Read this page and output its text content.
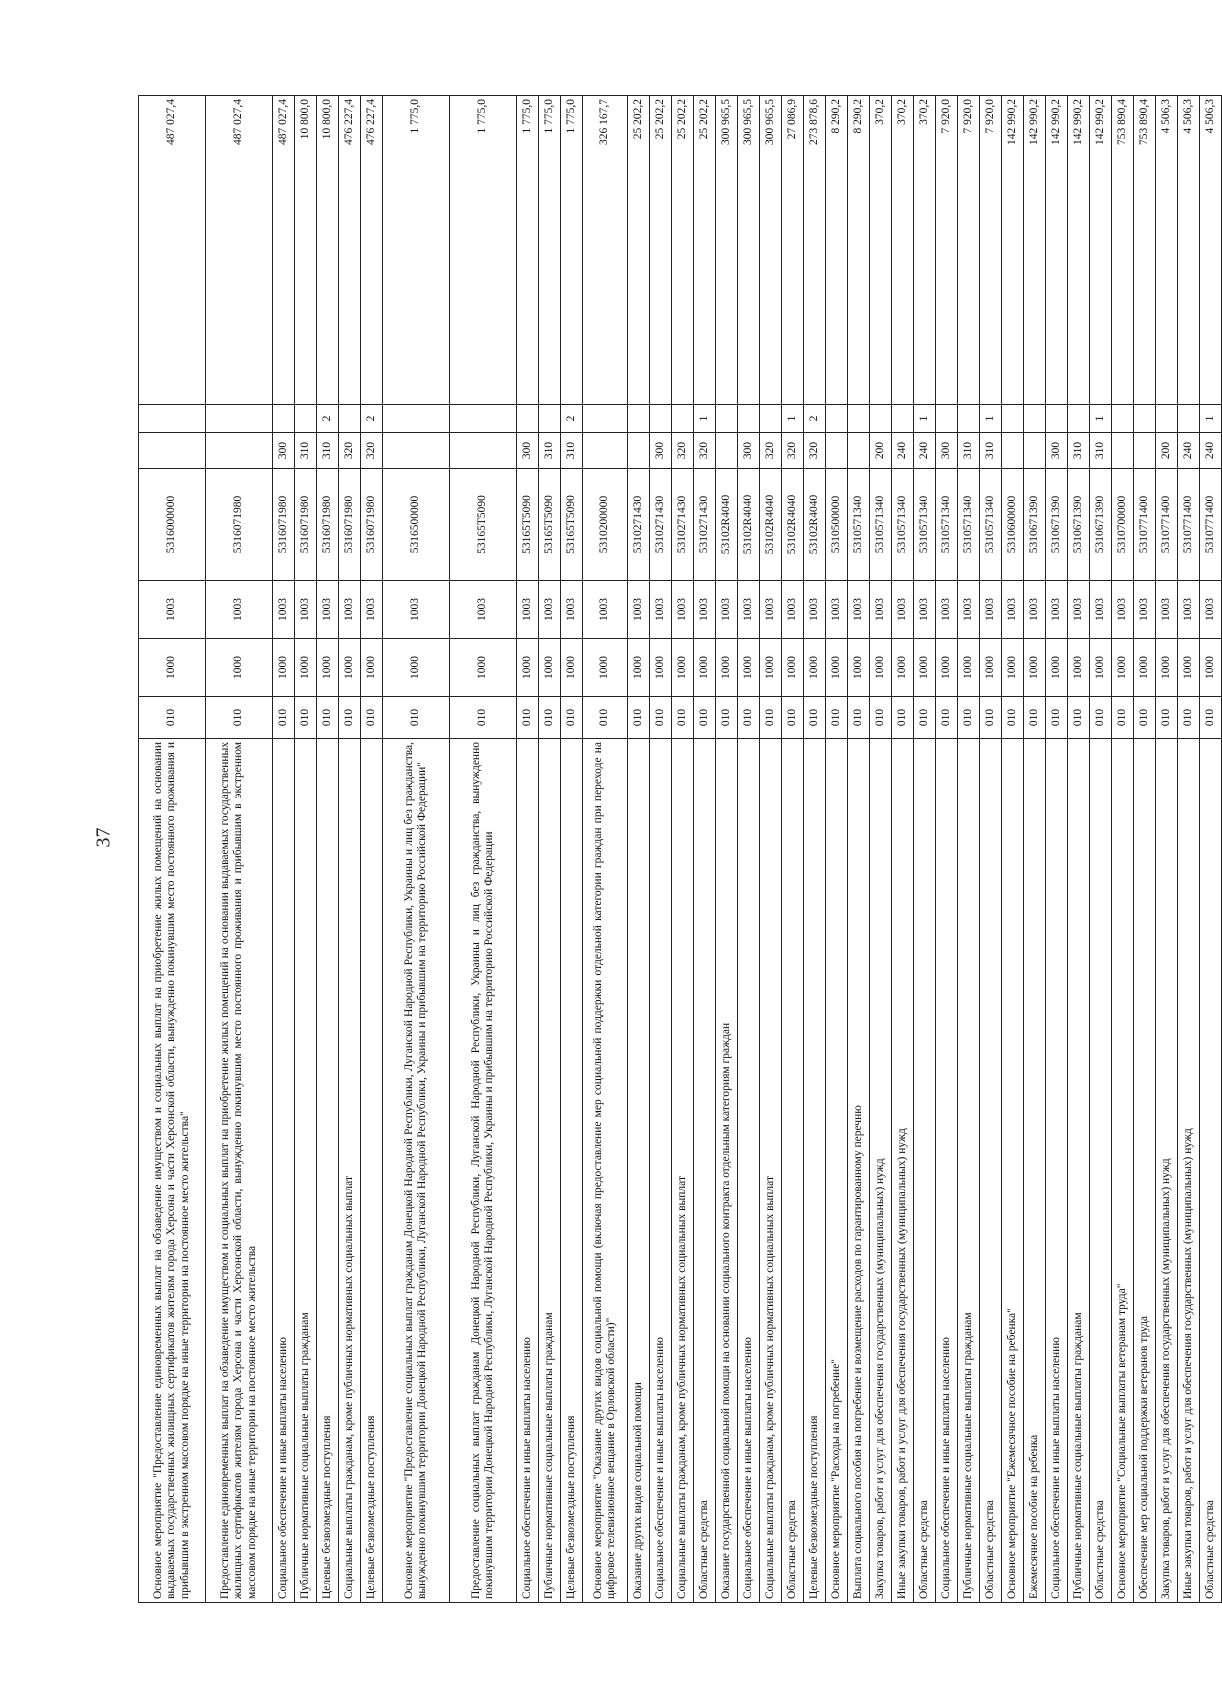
37	Основное мероприятие "Предоставление единовременных выплат на обзаведение имуществом и социальных выплат на приобретение жилых помещений на основании выдаваемых государственных жилищных сертификатов жителям города Херсона и части Херсонской области, вынужденно покинувшим место постоянного проживания и прибывшим в экстренном массовом порядке на иные территории на постоянное место жительства"	010	1000	1003	5316000000			487 027,4
Предоставление единовременных выплат на обзаведение имуществом и социальных выплат на приобретение жилых помещений на основании выдаваемых государственных жилищных сертификатов жителям города Херсона и части Херсонской области, вынужденно покинувшим место постоянного проживания и прибывшим в экстренном массовом порядке на иные территории на постоянное место жительства	010	1000	1003	5316071980			487 027,4
Социальное обеспечение и иные выплаты населению	010	1000	1003	5316071980	300		487 027,4
Публичные нормативные социальные выплаты гражданам	010	1000	1003	5316071980	310		10 800,0
Целевые безвозмездные поступления	010	1000	1003	5316071980	310	2	10 800,0
Социальные выплаты гражданам, кроме публичных нормативных социальных выплат	010	1000	1003	5316071980	320		476 227,4
Целевые безвозмездные поступления	010	1000	1003	5316071980	320	2	476 227,4
Основное мероприятие "Предоставление социальных выплат гражданам Донецкой Народной Республики, Луганской Народной Республики, Украины и лиц без гражданства, вынужденно покинувшим территории Донецкой Народной Республики, Луганской Народной Республики, Украины и прибывшим на территорию Российской Федерации"	010	1000	1003	5316500000			1 775,0
Предоставление социальных выплат гражданам Донецкой Народной Республики, Луганской Народной Республики, Украины и лиц без гражданства, вынужденно покинувшим территории Донецкой Народной Республики, Луганской Народной Республики, Украины и прибывшим на территорию Российской Федерации	010	1000	1003	53165Т5090			1 775,0
Социальное обеспечение и иные выплаты населению	010	1000	1003	53165Т5090	300		1 775,0
Публичные нормативные социальные выплаты гражданам	010	1000	1003	53165Т5090	310		1 775,0
Целевые безвозмездные поступления	010	1000	1003	53165Т5090	310	2	1 775,0
Основное мероприятие "Оказание других видов социальной помощи (включая предоставление мер социальной поддержки отдельной категории граждан при переходе на цифровое телевизионное вещание в Орловской области)"	010	1000	1003	5310200000			326 167,7
Оказание других видов социальной помощи	010	1000	1003	5310271430			25 202,2
Социальное обеспечение и иные выплаты населению	010	1000	1003	5310271430	300		25 202,2
Социальные выплаты гражданам, кроме публичных нормативных социальных выплат	010	1000	1003	5310271430	320		25 202,2
Областные средства	010	1000	1003	5310271430	320	1	25 202,2
Оказание государственной социальной помощи на основании социального контракта отдельным категориям граждан	010	1000	1003	53102R4040			300 965,5
Социальное обеспечение и иные выплаты населению	010	1000	1003	53102R4040	300		300 965,5
Социальные выплаты гражданам, кроме публичных нормативных социальных выплат	010	1000	1003	53102R4040	320		300 965,5
Областные средства	010	1000	1003	53102R4040	320	1	27 086,9
Целевые безвозмездные поступления	010	1000	1003	53102R4040	320	2	273 878,6
Основное мероприятие "Расходы на погребение"	010	1000	1003	5310500000			8 290,2
Выплата социального пособия на погребение и возмещение расходов по гарантированному перечню	010	1000	1003	5310571340			8 290,2
Закупка товаров, работ и услуг для обеспечения государственных (муниципальных) нужд	010	1000	1003	5310571340	200		370,2
Иные закупки товаров, работ и услуг для обеспечения государственных (муниципальных) нужд	010	1000	1003	5310571340	240		370,2
Областные средства	010	1000	1003	5310571340	240	1	370,2
Социальное обеспечение и иные выплаты населению	010	1000	1003	5310571340	300		7 920,0
Публичные нормативные социальные выплаты гражданам	010	1000	1003	5310571340	310		7 920,0
Областные средства	010	1000	1003	5310571340	310	1	7 920,0
Основное мероприятие "Ежемесячное пособие на ребенка"	010	1000	1003	5310600000			142 990,2
Ежемесячное пособие на ребенка	010	1000	1003	5310671390			142 990,2
Социальное обеспечение и иные выплаты населению	010	1000	1003	5310671390	300		142 990,2
Публичные нормативные социальные выплаты гражданам	010	1000	1003	5310671390	310		142 990,2
Областные средства	010	1000	1003	5310671390	310	1	142 990,2
Основное мероприятие "Социальные выплаты ветеранам труда"	010	1000	1003	5310700000			753 890,4
Обеспечение мер социальной поддержки ветеранов труда	010	1000	1003	5310771400			753 890,4
Закупка товаров, работ и услуг для обеспечения государственных (муниципальных) нужд	010	1000	1003	5310771400	200		4 506,3
Иные закупки товаров, работ и услуг для обеспечения государственных (муниципальных) нужд	010	1000	1003	5310771400	240		4 506,3
Областные средства	010	1000	1003	5310771400	240	1	4 506,3
